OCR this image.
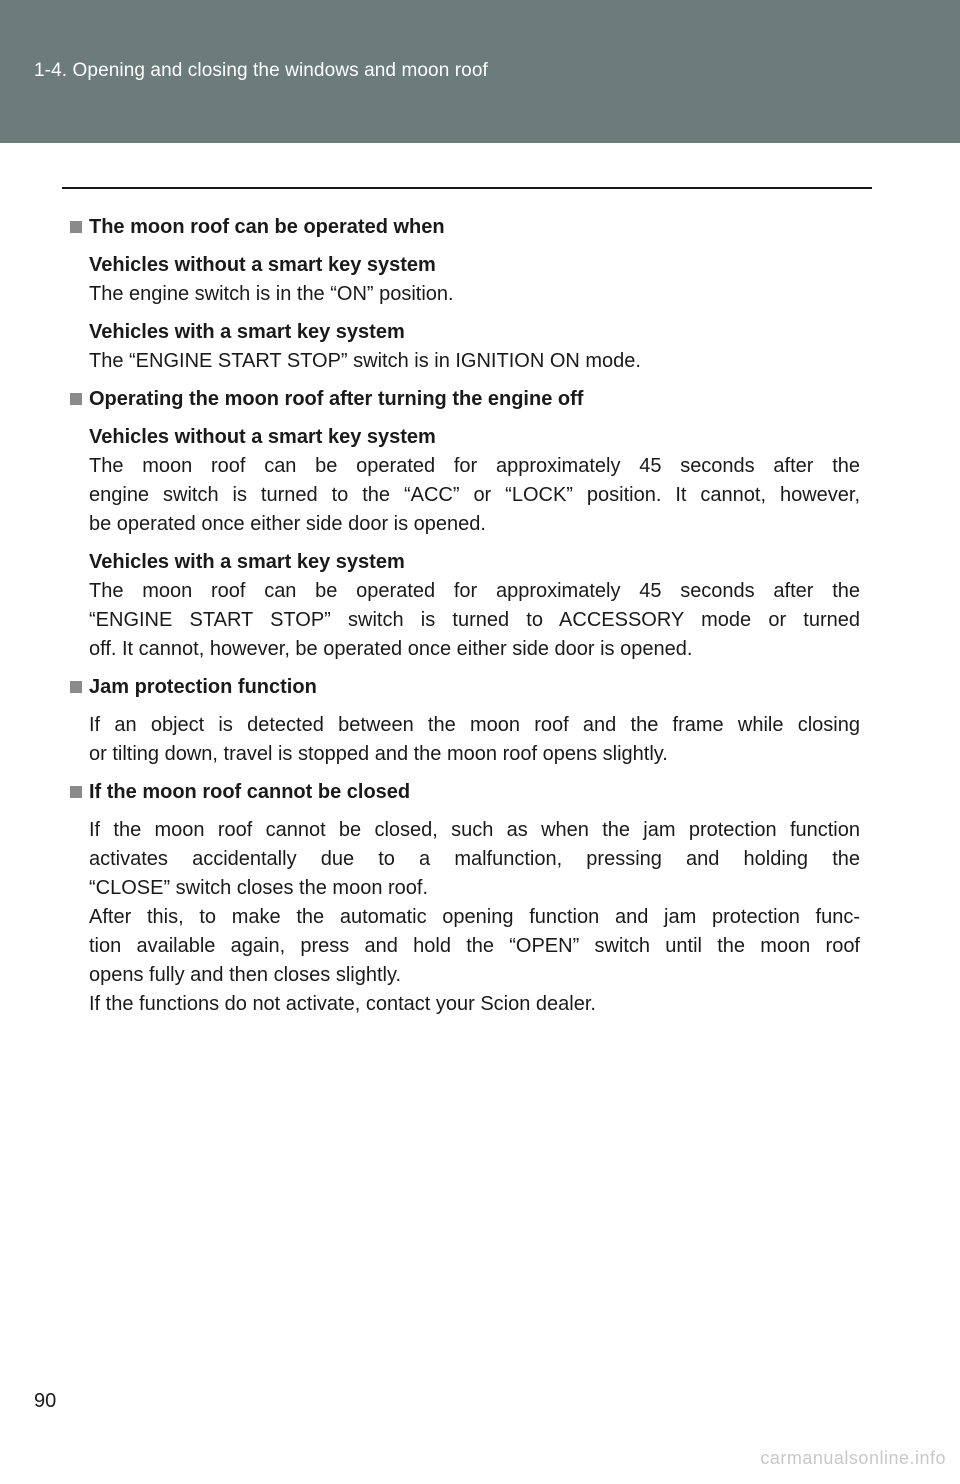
1-4. Opening and closing the windows and moon roof
The moon roof can be operated when
Vehicles without a smart key system
The engine switch is in the “ON” position.
Vehicles with a smart key system
The “ENGINE START STOP” switch is in IGNITION ON mode.
Operating the moon roof after turning the engine off
Vehicles without a smart key system
The moon roof can be operated for approximately 45 seconds after the
engine switch is turned to the “ACC” or “LOCK” position. It cannot, however,
be operated once either side door is opened.
Vehicles with a smart key system
The moon roof can be operated for approximately 45 seconds after the
“ENGINE START STOP” switch is turned to ACCESSORY mode or turned
off. It cannot, however, be operated once either side door is opened.
Jam protection function
If an object is detected between the moon roof and the frame while closing
or tilting down, travel is stopped and the moon roof opens slightly.
If the moon roof cannot be closed
If the moon roof cannot be closed, such as when the jam protection function
activates accidentally due to a malfunction, pressing and holding the
“CLOSE” switch closes the moon roof.
After this, to make the automatic opening function and jam protection func-
tion available again, press and hold the “OPEN” switch until the moon roof
opens fully and then closes slightly.
If the functions do not activate, contact your Scion dealer.
90
carmanualsonline.info
